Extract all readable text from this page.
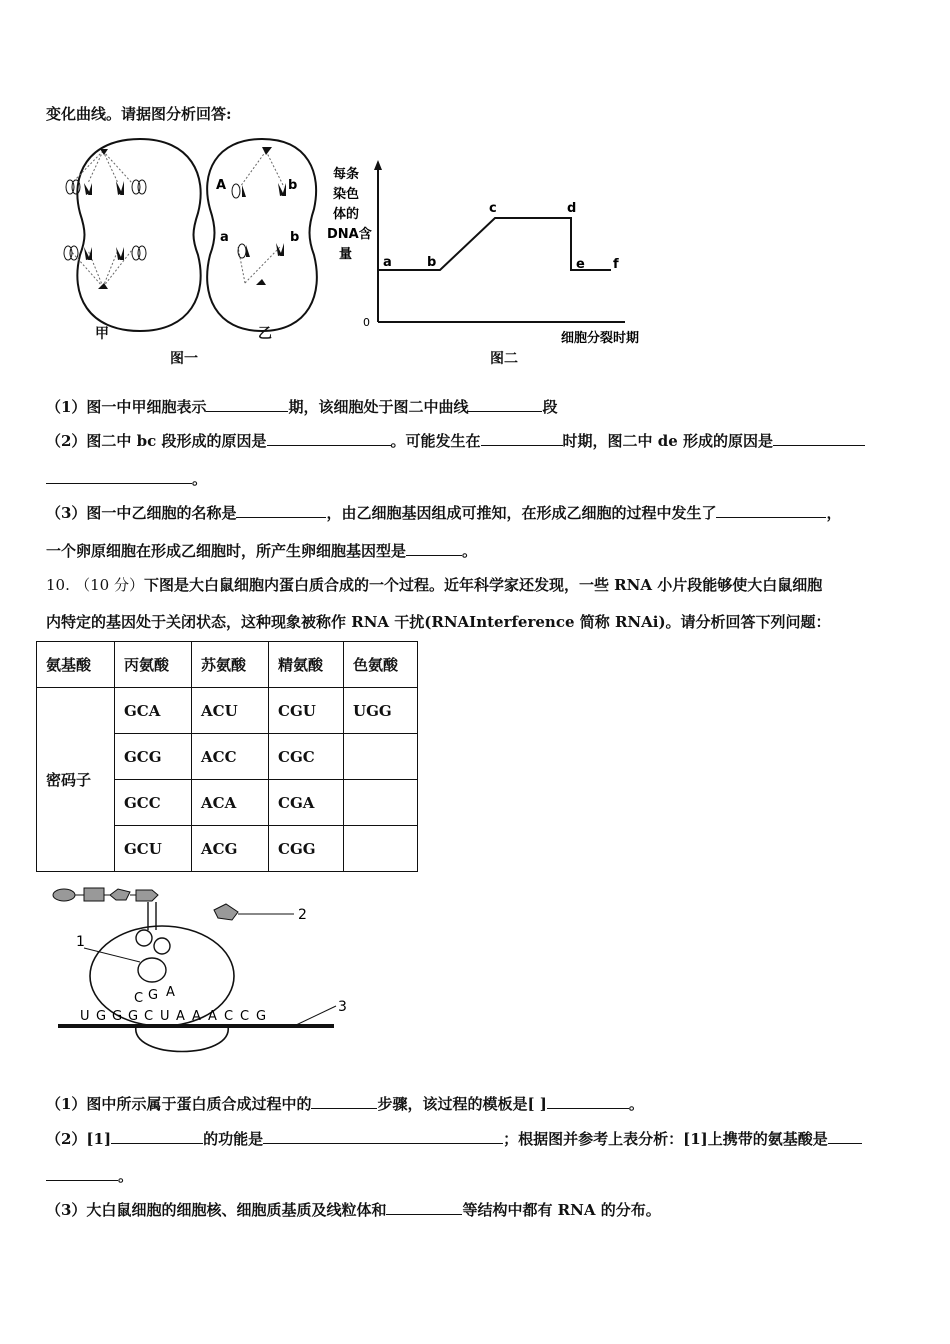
变化曲线。请据图分析回答:
A	b
a	b
甲	乙
图一
每条
染色
体的
DNA含
量
0
a	b
c	d
e f
细胞分裂时期
图二
（1）图一中甲细胞表示	期，该细胞处于图二中曲线	段
（2）图二中 bc 段形成的原因是	。可能发生在	时期，图二中 de 形成的原因是
。
（3）图一中乙细胞的名称是	，由乙细胞基因组成可推知，在形成乙细胞的过程中发生了	，
一个卵原细胞在形成乙细胞时，所产生卵细胞基因型是	。
10. （10 分）下图是大白鼠细胞内蛋白质合成的一个过程。近年科学家还发现，一些 RNA 小片段能够使大白鼠细胞
内特定的基因处于关闭状态，这种现象被称作 RNA 干扰(RNAInterference 简称 RNAi)。请分析回答下列问题：
氨基酸	丙氨酸	苏氨酸	精氨酸	色氨酸
密码子	GCA	ACU	CGU	UGG
	GCG	ACC	CGC	
	GCC	ACA	CGA	
	GCU	ACG	CGG	
2
1
C G A
3
U G G G C U A A A C C G
（1）图中所示属于蛋白质合成过程中的	步骤，该过程的模板是[ ]	。
（2）[1]	的功能是	；根据图并参考上表分析：[1]上携带的氨基酸是
。
（3）大白鼠细胞的细胞核、细胞质基质及线粒体和	等结构中都有 RNA 的分布。
